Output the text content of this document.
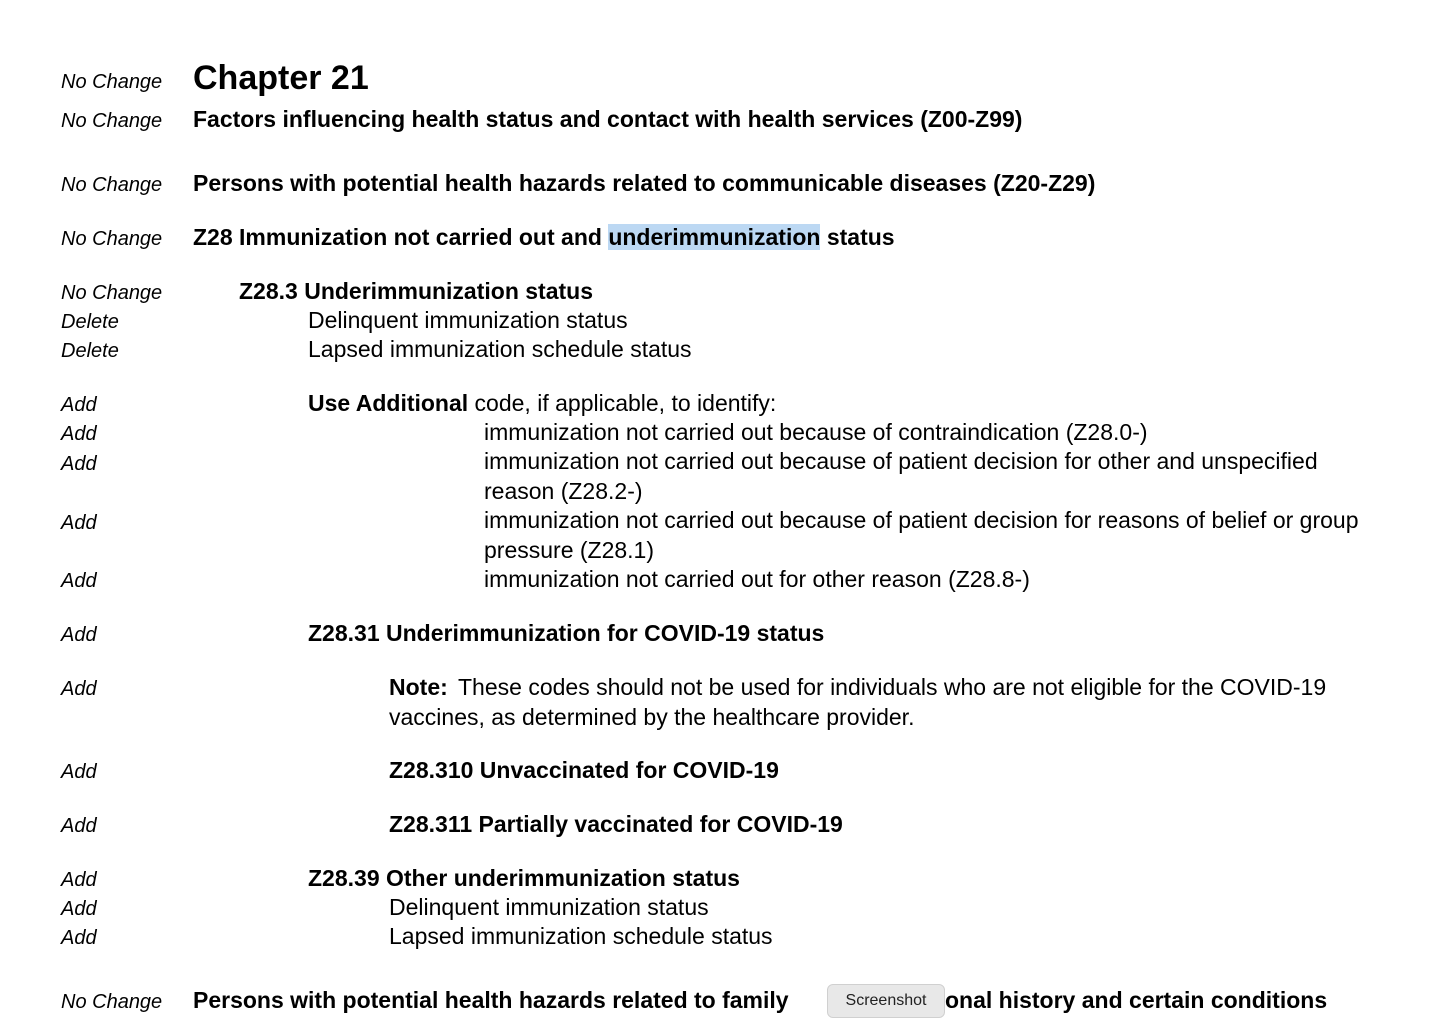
No Change Chapter 21
No Change Factors influencing health status and contact with health services (Z00-Z99)
No Change Persons with potential health hazards related to communicable diseases (Z20-Z29)
No Change Z28 Immunization not carried out and underimmunization status
No Change	Z28.3 Underimmunization status
Delete	Delinquent immunization status
Delete	Lapsed immunization schedule status
Add	Use Additional code, if applicable, to identify:
Add	immunization not carried out because of contraindication (Z28.0-)
Add	immunization not carried out because of patient decision for other and unspecified reason (Z28.2-)
Add	immunization not carried out because of patient decision for reasons of belief or group pressure (Z28.1)
Add	immunization not carried out for other reason (Z28.8-)
Add	Z28.31 Underimmunization for COVID-19 status
Add	Note: These codes should not be used for individuals who are not eligible for the COVID-19 vaccines, as determined by the healthcare provider.
Add	Z28.310 Unvaccinated for COVID-19
Add	Z28.311 Partially vaccinated for COVID-19
Add	Z28.39 Other underimmunization status
Add	Delinquent immunization status
Add	Lapsed immunization schedule status
No Change Persons with potential health hazards related to family	onal history and certain conditions
Screenshot
